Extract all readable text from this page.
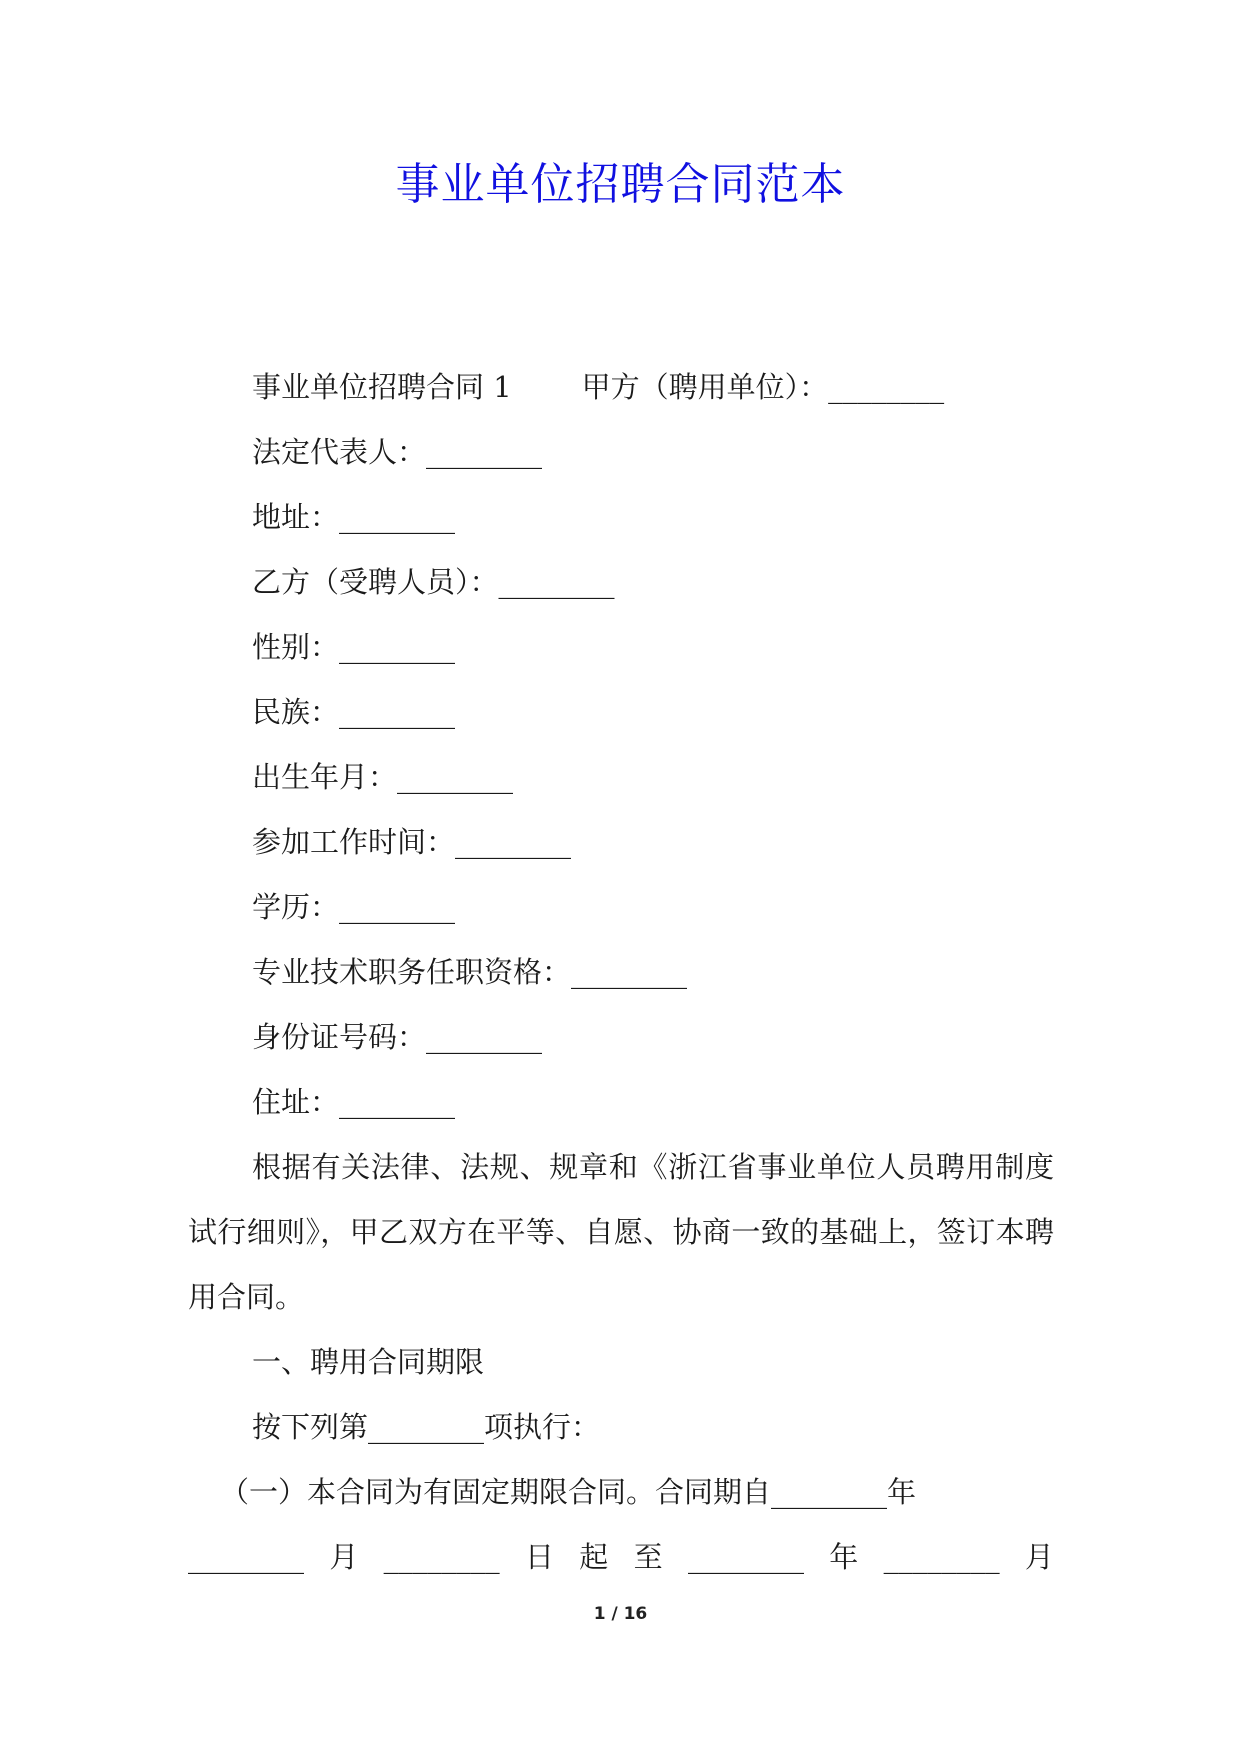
事业单位招聘合同范本
事业单位招聘合同 1 甲方（聘用单位）：________
法定代表人：________
地址：________
乙方（受聘人员）：________
性别：________
民族：________
出生年月：________
参加工作时间：________
学历：________
专业技术职务任职资格：________
身份证号码：________
住址：________

根据有关法律、法规、规章和《浙江省事业单位人员聘用制度试行细则》，甲乙双方在平等、自愿、协商一致的基础上，签订本聘用合同。

一、聘用合同期限
按下列第________项执行：
（一）本合同为有固定期限合同。合同期自________年
________ 月 ________ 日 起 至 ________ 年 ________ 月
1 / 16
